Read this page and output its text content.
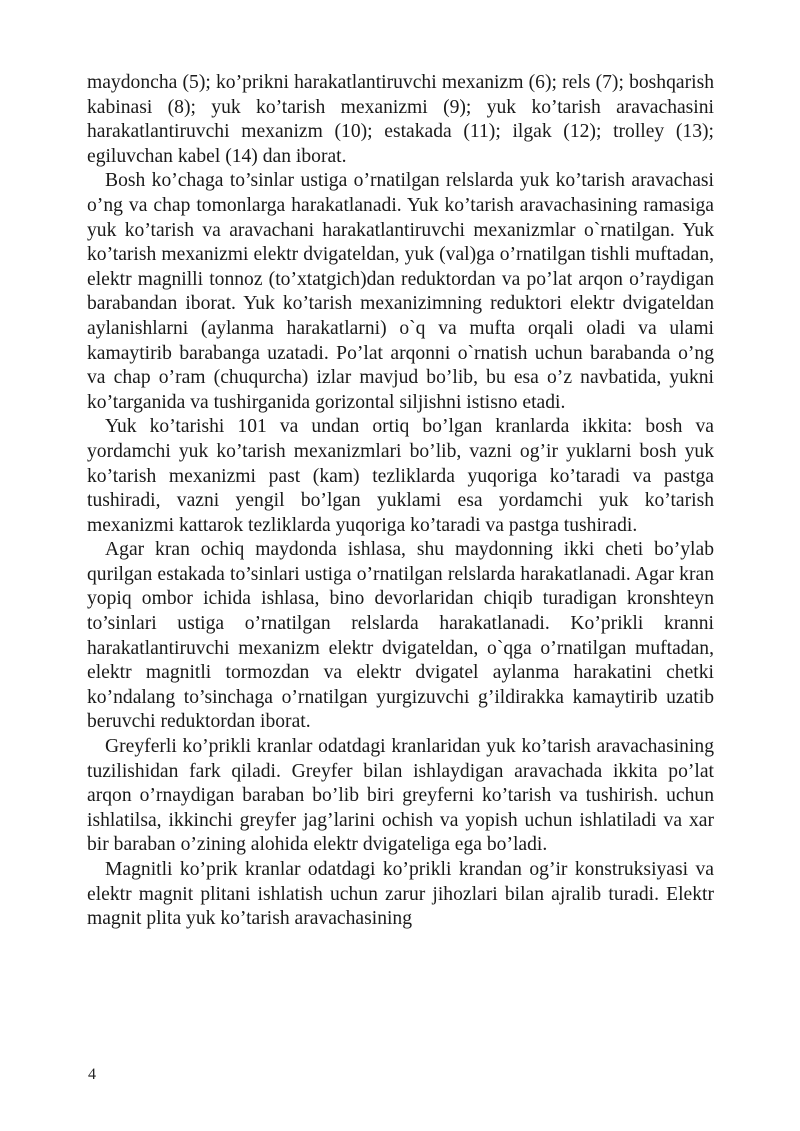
maydoncha (5); ko’prikni harakatlantiruvchi mexanizm (6); rels (7); boshqarish kabinasi (8); yuk ko’tarish mexanizmi (9); yuk ko’tarish aravachasini harakatlantiruvchi mexanizm (10); estakada (11); ilgak (12); trolley (13); egiluvchan kabel (14) dan iborat.

Bosh ko’chaga to’sinlar ustiga o’rnatilgan relslarda yuk ko’tarish aravachasi o’ng va chap tomonlarga harakatlanadi. Yuk ko’tarish aravachasining ramasiga yuk ko’tarish va aravachani harakatlantiruvchi mexanizmlar o`rnatilgan. Yuk ko’tarish mexanizmi elektr dvigateldan, yuk (val)ga o’rnatilgan tishli muftadan, elektr magnilli tonnoz (to’xtatgich)dan reduktordan va po’lat arqon o’raydigan barabandan iborat. Yuk ko’tarish mexanizimning reduktori elektr dvigateldan aylanishlarni (aylanma harakatlarni) o`q va mufta orqali oladi va ulami kamaytirib barabanga uzatadi. Po’lat arqonni o`rnatish uchun barabanda o’ng va chap o’ram (chuqurcha) izlar mavjud bo’lib, bu esa o’z navbatida, yukni ko’targanida va tushirganida gorizontal siljishni istisno etadi.

Yuk ko’tarishi 101 va undan ortiq bo’lgan kranlarda ikkita: bosh va yordamchi yuk ko’tarish mexanizmlari bo’lib, vazni og’ir yuklarni bosh yuk ko’tarish mexanizmi past (kam) tezliklarda yuqoriga ko’taradi va pastga tushiradi, vazni yengil bo’lgan yuklami esa yordamchi yuk ko’tarish mexanizmi kattarok tezliklarda yuqoriga ko’taradi va pastga tushiradi.

Agar kran ochiq maydonda ishlasa, shu maydonning ikki cheti bo’ylab qurilgan estakada to’sinlari ustiga o’rnatilgan relslarda harakatlanadi. Agar kran yopiq ombor ichida ishlasa, bino devorlaridan chiqib turadigan kronshteyn to’sinlari ustiga o’rnatilgan relslarda harakatlanadi. Ko’prikli kranni harakatlantiruvchi mexanizm elektr dvigateldan, o`qga o’rnatilgan muftadan, elektr magnitli tormozdan va elektr dvigatel aylanma harakatini chetki ko’ndalang to’sinchaga o’rnatilgan yurgizuvchi g’ildirakka kamaytirib uzatib beruvchi reduktordan iborat.

Greyferli ko’prikli kranlar odatdagi kranlaridan yuk ko’tarish aravachasining tuzilishidan fark qiladi. Greyfer bilan ishlaydigan aravachada ikkita po’lat arqon o’rnaydigan baraban bo’lib biri greyferni ko’tarish va tushirish. uchun ishlatilsa, ikkinchi greyfer jag’larini ochish va yopish uchun ishlatiladi va xar bir baraban o’zining alohida elektr dvigateliga ega bo’ladi.

Magnitli ko’prik kranlar odatdagi ko’prikli krandan og’ir konstruksiyasi va elektr magnit plitani ishlatish uchun zarur jihozlari bilan ajralib turadi. Elektr magnit plita yuk ko’tarish aravachasining

4
